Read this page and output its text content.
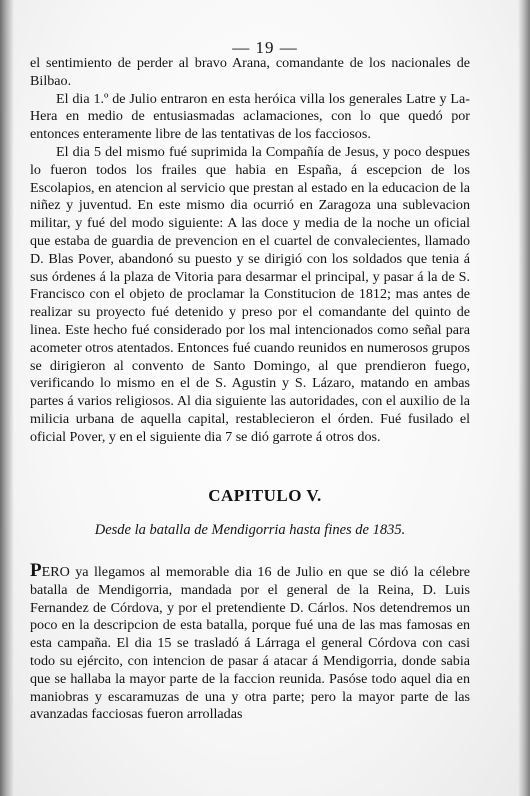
— 19 —

el sentimiento de perder al bravo Arana, comandante de los nacionales de Bilbao.

El dia 1.º de Julio entraron en esta heróica villa los generales Latre y La-Hera en medio de entusiasmadas aclamaciones, con lo que quedó por entonces enteramente libre de las tentativas de los facciosos.

El dia 5 del mismo fué suprimida la Compañía de Jesus, y poco despues lo fueron todos los frailes que habia en España, á escepcion de los Escolapios, en atencion al servicio que prestan al estado en la educacion de la niñez y juventud. En este mismo dia ocurrió en Zaragoza una sublevacion militar, y fué del modo siguiente: A las doce y media de la noche un oficial que estaba de guardia de prevencion en el cuartel de convalecientes, llamado D. Blas Pover, abandonó su puesto y se dirigió con los soldados que tenia á sus órdenes á la plaza de Vitoria para desarmar el principal, y pasar á la de S. Francisco con el objeto de proclamar la Constitucion de 1812; mas antes de realizar su proyecto fué detenido y preso por el comandante del quinto de linea. Este hecho fué considerado por los mal intencionados como señal para acometer otros atentados. Entonces fué cuando reunidos en numerosos grupos se dirigieron al convento de Santo Domingo, al que prendieron fuego, verificando lo mismo en el de S. Agustin y S. Lázaro, matando en ambas partes á varios religiosos. Al dia siguiente las autoridades, con el auxilio de la milicia urbana de aquella capital, restablecieron el órden. Fué fusilado el oficial Pover, y en el siguiente dia 7 se dió garrote á otros dos.

CAPITULO V.
Desde la batalla de Mendigorria hasta fines de 1835.

PERO ya llegamos al memorable dia 16 de Julio en que se dió la célebre batalla de Mendigorria, mandada por el general de la Reina, D. Luis Fernandez de Córdova, y por el pretendiente D. Cárlos. Nos detendremos un poco en la descripcion de esta batalla, porque fué una de las mas famosas en esta campaña. El dia 15 se trasladó á Lárraga el general Córdova con casi todo su ejército, con intencion de pasar á atacar á Mendigorria, donde sabia que se hallaba la mayor parte de la faccion reunida. Pasóse todo aquel dia en maniobras y escaramuzas de una y otra parte; pero la mayor parte de las avanzadas facciosas fueron arrolladas
